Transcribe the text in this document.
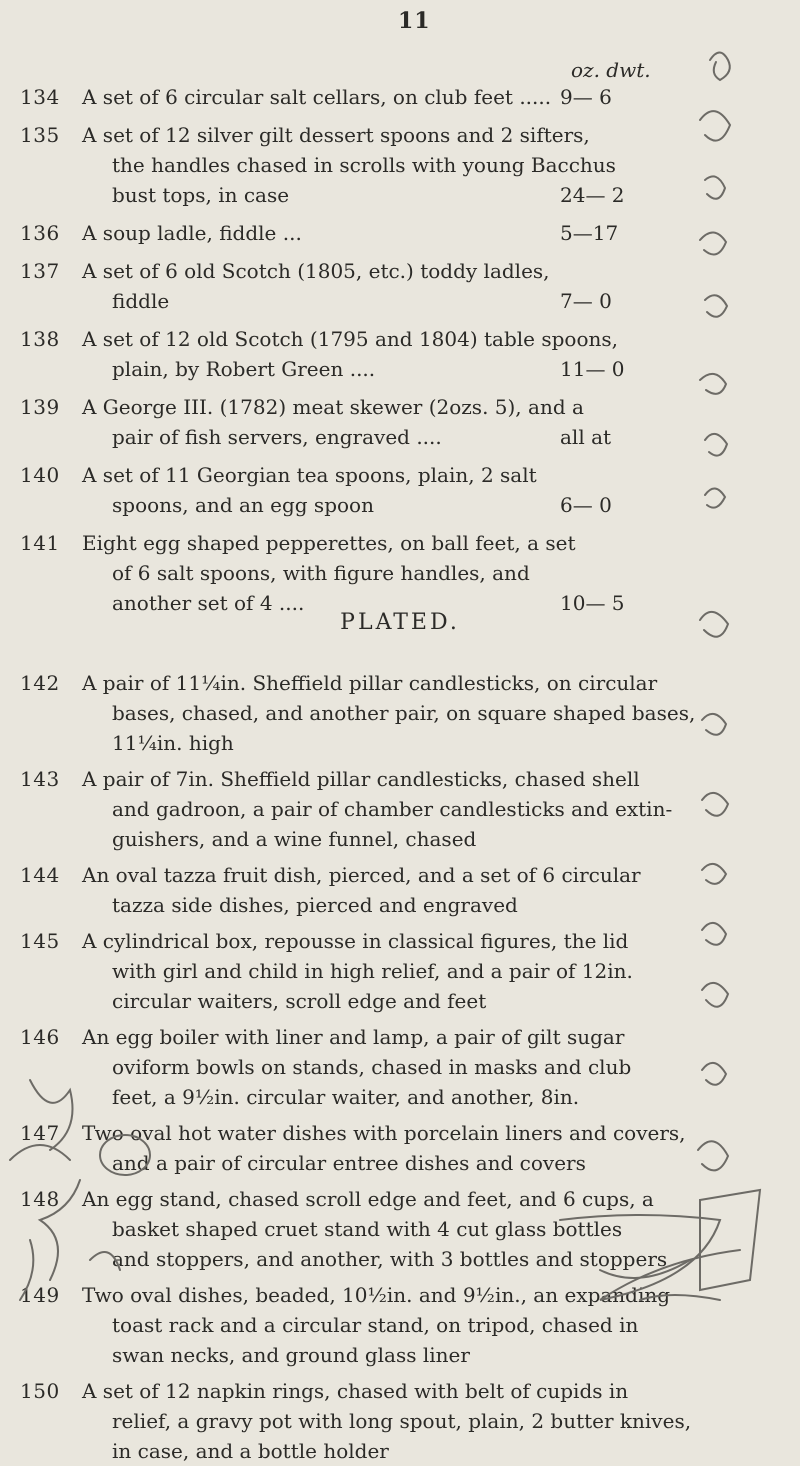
11
oz. dwt.
134 A set of 6 circular salt cellars, on club feet ..... 9— 6
135 A set of 12 silver gilt dessert spoons and 2 sifters,
the handles chased in scrolls with young Bacchus
bust tops, in case	24— 2
136 A soup ladle, fiddle ...	5—17
137 A set of 6 old Scotch (1805, etc.) toddy ladles,
fiddle	7— 0
138 A set of 12 old Scotch (1795 and 1804) table spoons,
plain, by Robert Green ....	11— 0
139 A George III. (1782) meat skewer (2ozs. 5), and a
pair of fish servers, engraved ....	all at
140 A set of 11 Georgian tea spoons, plain, 2 salt
spoons, and an egg spoon	6— 0
141 Eight egg shaped pepperettes, on ball feet, a set
of 6 salt spoons, with figure handles, and
another set of 4 ....	10— 5
PLATED.
142 A pair of 11¼in. Sheffield pillar candlesticks, on circular
bases, chased, and another pair, on square shaped bases,
11¼in. high
143 A pair of 7in. Sheffield pillar candlesticks, chased shell
and gadroon, a pair of chamber candlesticks and extin-
guishers, and a wine funnel, chased
144 An oval tazza fruit dish, pierced, and a set of 6 circular
tazza side dishes, pierced and engraved
145 A cylindrical box, repousse in classical figures, the lid
with girl and child in high relief, and a pair of 12in.
circular waiters, scroll edge and feet
146 An egg boiler with liner and lamp, a pair of gilt sugar
oviform bowls on stands, chased in masks and club
feet, a 9½in. circular waiter, and another, 8in.
147 Two oval hot water dishes with porcelain liners and covers,
and a pair of circular entree dishes and covers
148 An egg stand, chased scroll edge and feet, and 6 cups, a
basket shaped cruet stand with 4 cut glass bottles
and stoppers, and another, with 3 bottles and stoppers
149 Two oval dishes, beaded, 10½in. and 9½in., an expanding
toast rack and a circular stand, on tripod, chased in
swan necks, and ground glass liner
150 A set of 12 napkin rings, chased with belt of cupids in
relief, a gravy pot with long spout, plain, 2 butter knives,
in case, and a bottle holder
